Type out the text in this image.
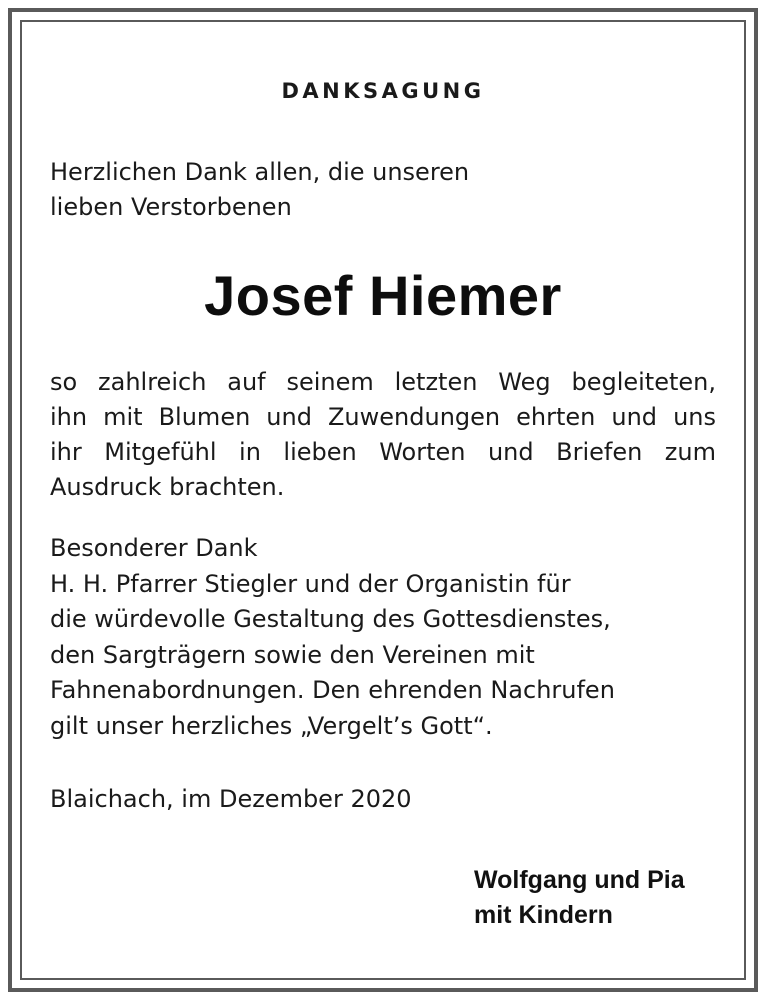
DANKSAGUNG
Herzlichen Dank allen, die unseren
lieben Verstorbenen
Josef Hiemer
so zahlreich auf seinem letzten Weg begleiteten,
ihn mit Blumen und Zuwendungen ehrten und uns
ihr Mitgefühl in lieben Worten und Briefen zum
Ausdruck brachten.
Besonderer Dank
H. H. Pfarrer Stiegler und der Organistin für
die würdevolle Gestaltung des Gottesdienstes,
den Sargträgern sowie den Vereinen mit
Fahnenabordnungen. Den ehrenden Nachrufen
gilt unser herzliches „Vergelt’s Gott“.
Blaichach, im Dezember 2020
Wolfgang und Pia
mit Kindern
